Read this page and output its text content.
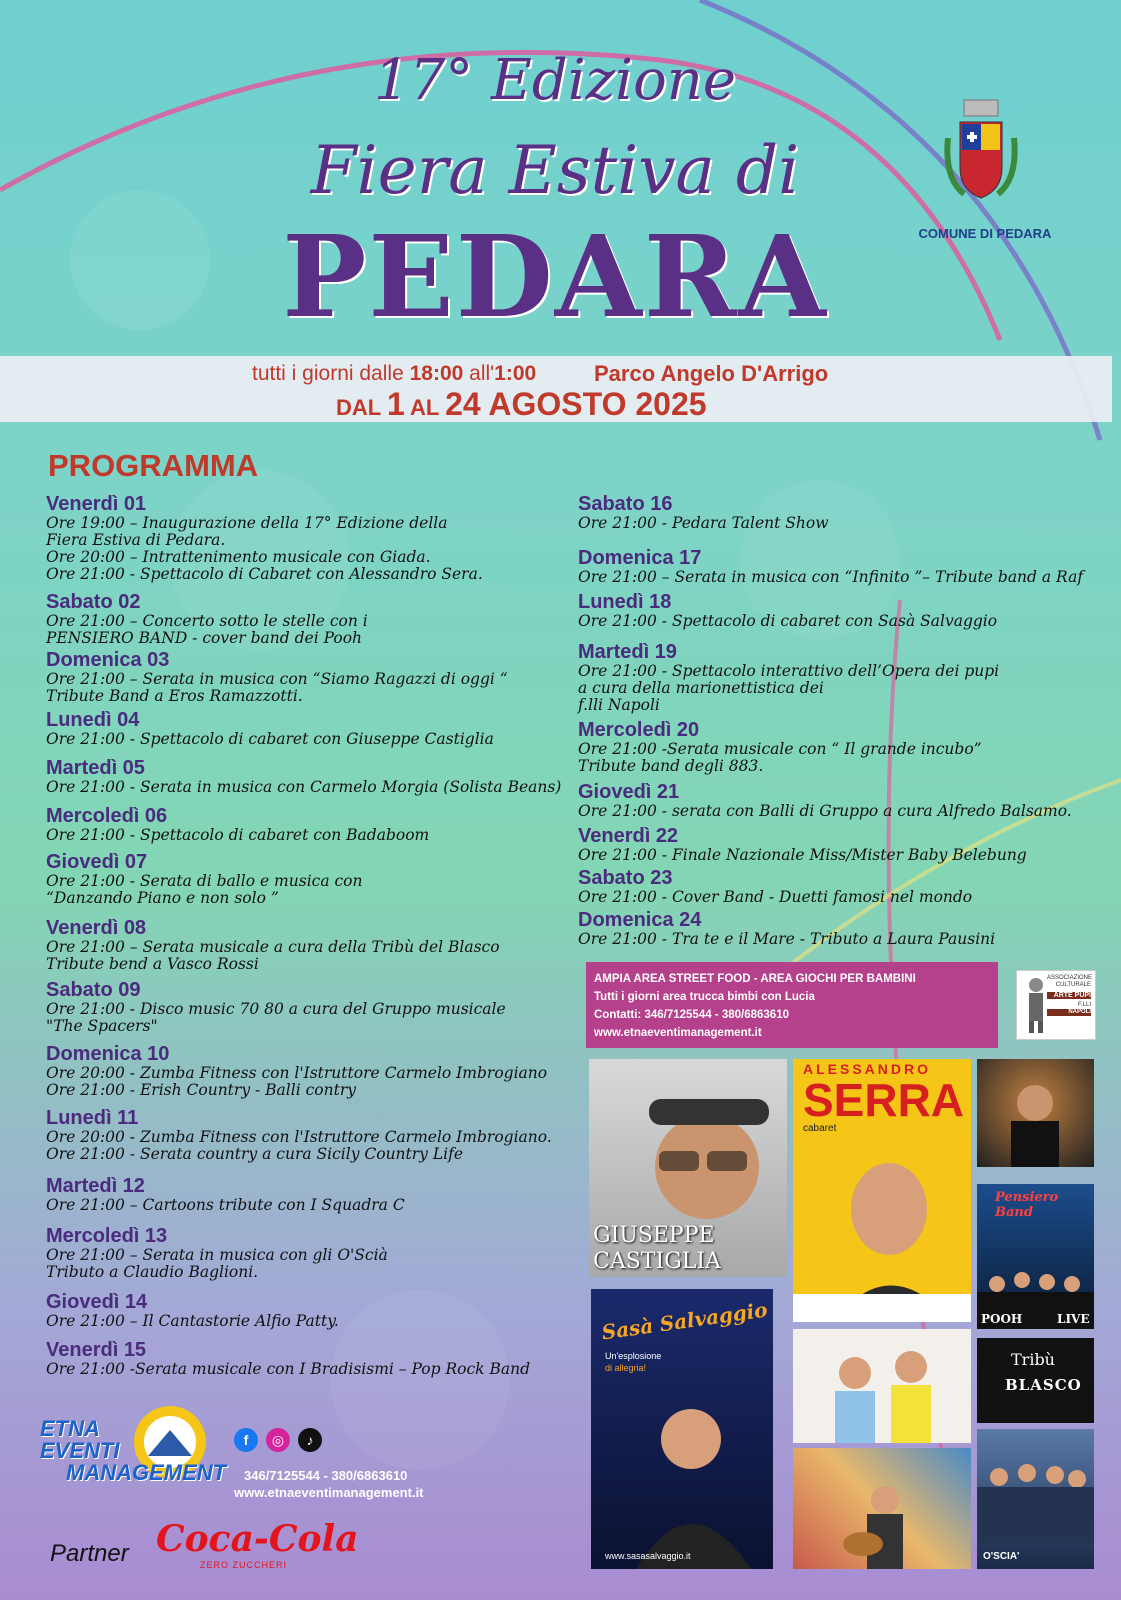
17° Edizione
Fiera Estiva di
PEDARA	COMUNE DI PEDARA
tutti i giorni dalle 18:00 all'1:00	Parco Angelo D'Arrigo
DAL 1 AL 24 AGOSTO 2025
PROGRAMMA
Venerdì 01
Ore 19:00 – Inaugurazione della 17° Edizione della
Fiera Estiva di Pedara.
Ore 20:00 – Intrattenimento musicale con Giada.
Ore 21:00 - Spettacolo di Cabaret con Alessandro Sera.
Sabato 02
Ore 21:00 – Concerto sotto le stelle con i
PENSIERO BAND - cover band dei Pooh
Domenica 03
Ore 21:00 – Serata in musica con “Siamo Ragazzi di oggi “
Tribute Band a Eros Ramazzotti.
Lunedì 04
Ore 21:00 - Spettacolo di cabaret con Giuseppe Castiglia
Martedì 05
Ore 21:00 - Serata in musica con Carmelo Morgia (Solista Beans)
Mercoledì 06
Ore 21:00 - Spettacolo di cabaret con Badaboom
Giovedì 07
Ore 21:00 - Serata di ballo e musica con
“Danzando Piano e non solo ”
Venerdì 08
Ore 21:00 – Serata musicale a cura della Tribù del Blasco
Tribute bend a Vasco Rossi
Sabato 09
Ore 21:00 - Disco music 70 80 a cura del Gruppo musicale
"The Spacers"
Domenica 10
Ore 20:00 - Zumba Fitness con l'Istruttore Carmelo Imbrogiano
Ore 21:00 - Erish Country - Balli contry
Lunedì 11
Ore 20:00 - Zumba Fitness con l'Istruttore Carmelo Imbrogiano.
Ore 21:00 - Serata country a cura Sicily Country Life
Martedì 12
Ore 21:00 – Cartoons tribute con I Squadra C
Mercoledì 13
Ore 21:00 – Serata in musica con gli O'Scià
Tributo a Claudio Baglioni.
Giovedì 14
Ore 21:00 – Il Cantastorie Alfio Patty.
Venerdì 15
Ore 21:00 -Serata musicale con I Bradisismi – Pop Rock Band
Sabato 16
Ore 21:00 - Pedara Talent Show
Domenica 17
Ore 21:00 – Serata in musica con “Infinito ”– Tribute band a Raf
Lunedì 18
Ore 21:00 - Spettacolo di cabaret con Sasà Salvaggio
Martedì 19
Ore 21:00 - Spettacolo interattivo dell’Opera dei pupi
a cura della marionettistica dei
f.lli Napoli
Mercoledì 20
Ore 21:00 -Serata musicale con “ Il grande incubo”
Tribute band degli 883.
Giovedì 21
Ore 21:00 - serata con Balli di Gruppo a cura Alfredo Balsamo.
Venerdì 22
Ore 21:00 - Finale Nazionale Miss/Mister Baby Belebung
Sabato 23
Ore 21:00 - Cover Band - Duetti famosi nel mondo
Domenica 24
Ore 21:00 - Tra te e il Mare - Tributo a Laura Pausini
AMPIA AREA STREET FOOD - AREA GIOCHI PER BAMBINI
Tutti i giorni area trucca bimbi con Lucia
Contatti: 346/7125544 - 380/6863610
www.etnaeventimanagement.it
ASSOCIAZIONE CULTURALE
ARTE PUPI
F.LLI
NAPOLI
GIUSEPPE
CASTIGLIA
ALESSANDRO
SERRA
cabaret
Pensiero Band
POOH	LIVE
Sasà Salvaggio
Un'esplosione
di allegria!
www.sasasalvaggio.it
Tribù
BLASCO
O'SCIA'
ETNA
EVENTI
MANAGEMENT
f ◎ ♪
346/7125544 - 380/6863610
www.etnaeventimanagement.it
Partner Coca-Cola
ZERO ZUCCHERI
